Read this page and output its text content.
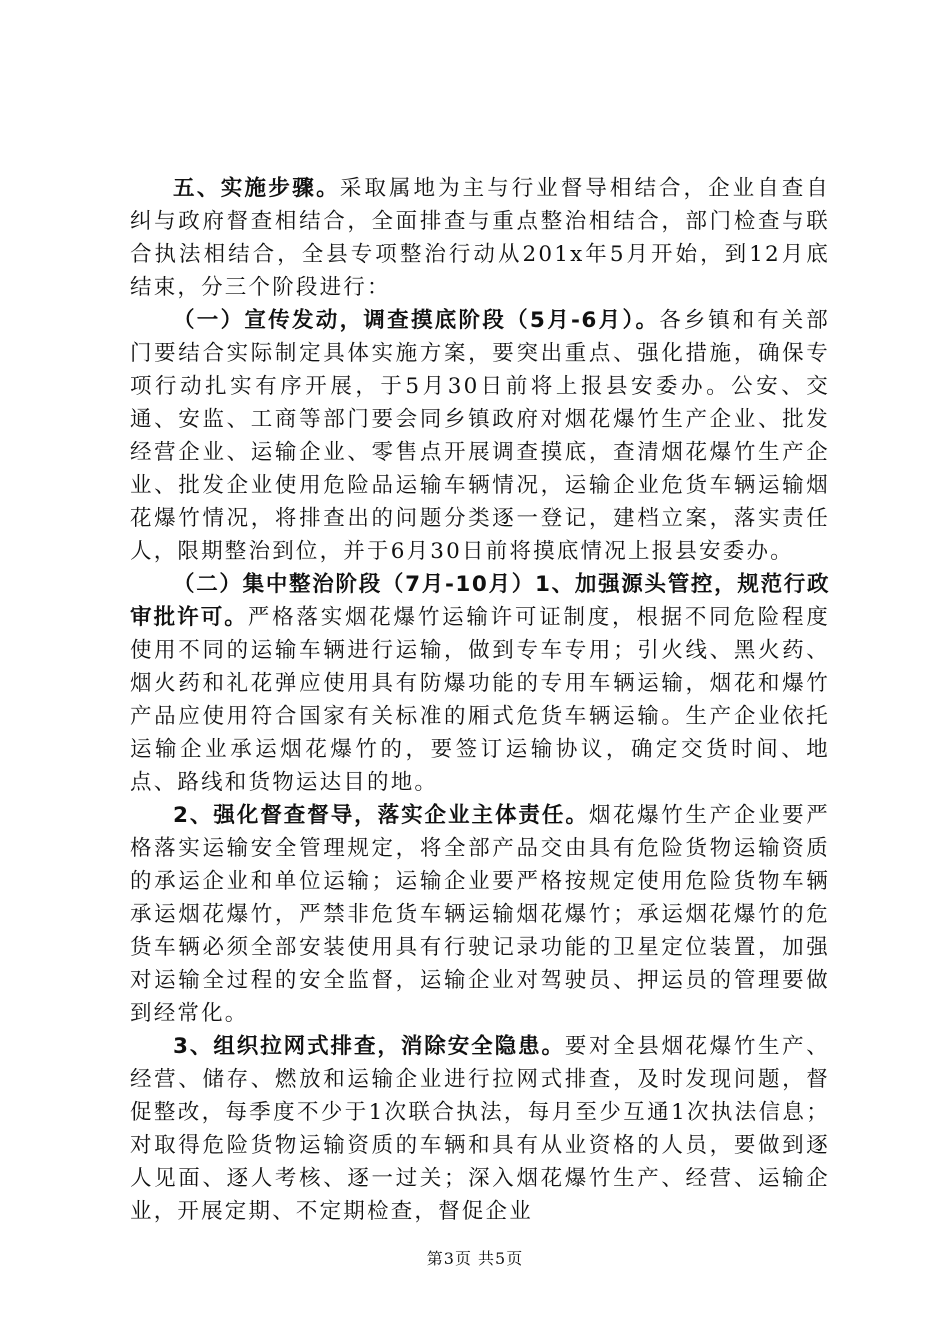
五、实施步骤。采取属地为主与行业督导相结合，企业自查自纠与政府督查相结合，全面排查与重点整治相结合，部门检查与联合执法相结合，全县专项整治行动从201x年5月开始，到12月底结束，分三个阶段进行：

（一）宣传发动，调查摸底阶段（5月-6月）。各乡镇和有关部门要结合实际制定具体实施方案，要突出重点、强化措施，确保专项行动扎实有序开展，于5月30日前将上报县安委办。公安、交通、安监、工商等部门要会同乡镇政府对烟花爆竹生产企业、批发经营企业、运输企业、零售点开展调查摸底，查清烟花爆竹生产企业、批发企业使用危险品运输车辆情况，运输企业危货车辆运输烟花爆竹情况，将排查出的问题分类逐一登记，建档立案，落实责任人，限期整治到位，并于6月30日前将摸底情况上报县安委办。

（二）集中整治阶段（7月-10月）1、加强源头管控，规范行政审批许可。严格落实烟花爆竹运输许可证制度，根据不同危险程度使用不同的运输车辆进行运输，做到专车专用；引火线、黑火药、烟火药和礼花弹应使用具有防爆功能的专用车辆运输，烟花和爆竹产品应使用符合国家有关标准的厢式危货车辆运输。生产企业依托运输企业承运烟花爆竹的，要签订运输协议，确定交货时间、地点、路线和货物运达目的地。

2、强化督查督导，落实企业主体责任。烟花爆竹生产企业要严格落实运输安全管理规定，将全部产品交由具有危险货物运输资质的承运企业和单位运输；运输企业要严格按规定使用危险货物车辆承运烟花爆竹，严禁非危货车辆运输烟花爆竹；承运烟花爆竹的危货车辆必须全部安装使用具有行驶记录功能的卫星定位装置，加强对运输全过程的安全监督，运输企业对驾驶员、押运员的管理要做到经常化。

3、组织拉网式排查，消除安全隐患。要对全县烟花爆竹生产、经营、储存、燃放和运输企业进行拉网式排查，及时发现问题，督促整改，每季度不少于1次联合执法，每月至少互通1次执法信息；对取得危险货物运输资质的车辆和具有从业资格的人员，要做到逐人见面、逐人考核、逐一过关；深入烟花爆竹生产、经营、运输企业，开展定期、不定期检查，督促企业

第3页 共5页
